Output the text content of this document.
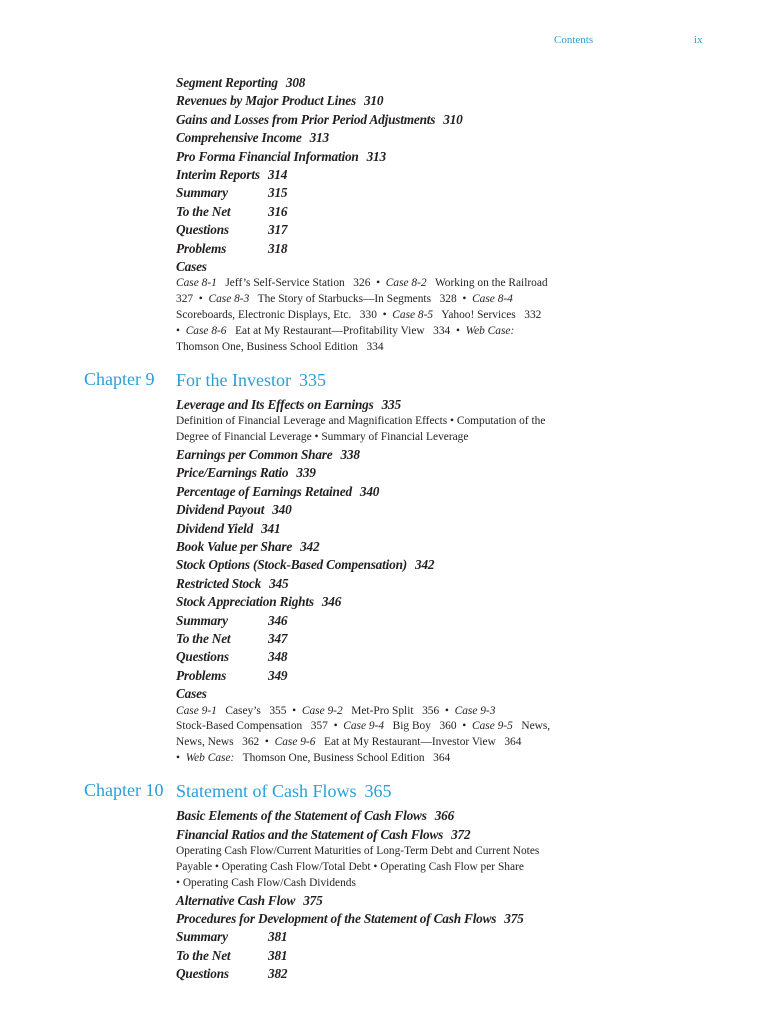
Contents	ix
Segment Reporting 308
Revenues by Major Product Lines 310
Gains and Losses from Prior Period Adjustments 310
Comprehensive Income 313
Pro Forma Financial Information 313
Interim Reports 314
Summary	315
To the Net	316
Questions	317
Problems	318
Cases
Case 8-1 Jeff’s Self-Service Station 326  •  Case 8-2 Working on the Railroad
327  •  Case 8-3 The Story of Starbucks—In Segments 328  •  Case 8-4
Scoreboards, Electronic Displays, Etc. 330  •  Case 8-5 Yahoo! Services 332
•  Case 8-6 Eat at My Restaurant—Profitability View 334  •  Web Case:
Thomson One, Business School Edition 334
Chapter 9 For the Investor 335
Leverage and Its Effects on Earnings 335
Definition of Financial Leverage and Magnification Effects • Computation of the
Degree of Financial Leverage • Summary of Financial Leverage
Earnings per Common Share 338
Price/Earnings Ratio 339
Percentage of Earnings Retained 340
Dividend Payout 340
Dividend Yield 341
Book Value per Share 342
Stock Options (Stock-Based Compensation) 342
Restricted Stock 345
Stock Appreciation Rights 346
Summary	346
To the Net	347
Questions	348
Problems	349
Cases
Case 9-1 Casey’s 355  •  Case 9-2 Met-Pro Split 356  •  Case 9-3
Stock-Based Compensation 357  •  Case 9-4 Big Boy 360  •  Case 9-5 News,
News, News 362  •  Case 9-6 Eat at My Restaurant—Investor View 364
•  Web Case: Thomson One, Business School Edition 364
Chapter 10 Statement of Cash Flows 365
Basic Elements of the Statement of Cash Flows 366
Financial Ratios and the Statement of Cash Flows 372
Operating Cash Flow/Current Maturities of Long-Term Debt and Current Notes
Payable • Operating Cash Flow/Total Debt • Operating Cash Flow per Share
• Operating Cash Flow/Cash Dividends
Alternative Cash Flow 375
Procedures for Development of the Statement of Cash Flows 375
Summary	381
To the Net	381
Questions	382
